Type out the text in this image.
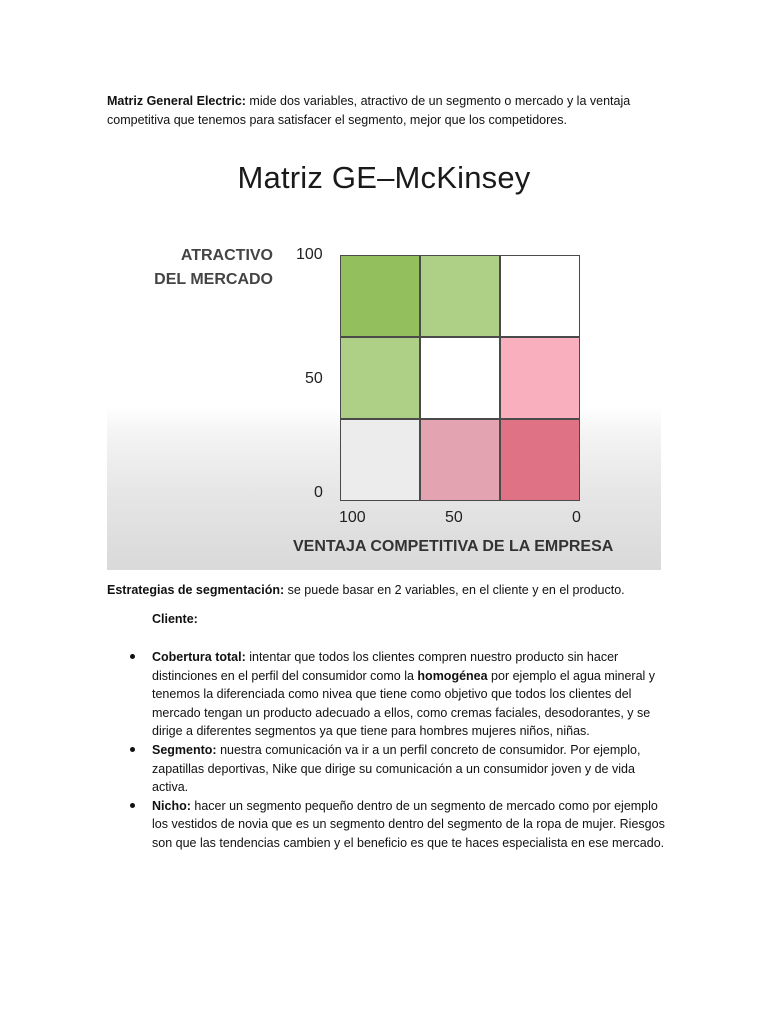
Matriz General Electric: mide dos variables, atractivo de un segmento o mercado y la ventaja competitiva que tenemos para satisfacer el segmento, mejor que los competidores.
Matriz GE–McKinsey
ATRACTIVO
DEL MERCADO
100
50
0
100	50	0
VENTAJA COMPETITIVA DE LA EMPRESA
Estrategias de segmentación: se puede basar en 2 variables, en el cliente y en el producto.
Cliente:
Cobertura total: intentar que todos los clientes compren nuestro producto sin hacer distinciones en el perfil del consumidor como la homogénea por ejemplo el agua mineral y tenemos la diferenciada como nivea que tiene como objetivo que todos los clientes del mercado tengan un producto adecuado a ellos, como cremas faciales, desodorantes, y se dirige a diferentes segmentos ya que tiene para hombres mujeres niños, niñas.
Segmento: nuestra comunicación va ir a un perfil concreto de consumidor. Por ejemplo, zapatillas deportivas, Nike que dirige su comunicación a un consumidor joven y de vida activa.
Nicho: hacer un segmento pequeño dentro de un segmento de mercado como por ejemplo los vestidos de novia que es un segmento dentro del segmento de la ropa de mujer. Riesgos son que las tendencias cambien y el beneficio es que te haces especialista en ese mercado.
